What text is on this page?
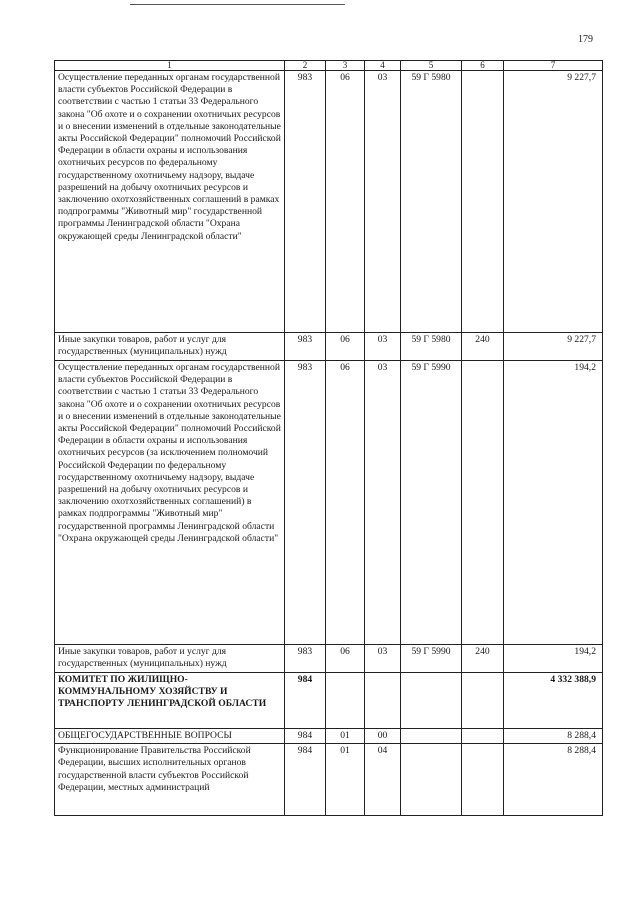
179
1	2	3	4	5	6	7
Осуществление переданных органам государственной власти субъектов Российской Федерации в соответствии с частью 1 статьи 33 Федерального закона "Об охоте и о сохранении охотничьих ресурсов и о внесении изменений в отдельные законодательные акты Российской Федерации" полномочий Российской Федерации в области охраны и использования охотничьих ресурсов по федеральному государственному охотничьему надзору, выдаче разрешений на добычу охотничьих ресурсов и заключению охотхозяйственных соглашений в рамках подпрограммы "Животный мир" государственной программы Ленинградской области "Охрана окружающей среды Ленинградской области"	983	06	03	59 Г 5980		9 227,7
Иные закупки товаров, работ и услуг для государственных (муниципальных) нужд	983	06	03	59 Г 5980	240	9 227,7
Осуществление переданных органам государственной власти субъектов Российской Федерации в соответствии с частью 1 статьи 33 Федерального закона "Об охоте и о сохранении охотничьих ресурсов и о внесении изменений в отдельные законодательные акты Российской Федерации" полномочий Российской Федерации в области охраны и использования охотничьих ресурсов (за исключением полномочий Российской Федерации по федеральному государственному охотничьему надзору, выдаче разрешений на добычу охотничьих ресурсов и заключению охотхозяйственных соглашений) в рамках подпрограммы "Животный мир" государственной программы Ленинградской области "Охрана окружающей среды Ленинградской области"	983	06	03	59 Г 5990		194,2
Иные закупки товаров, работ и услуг для государственных (муниципальных) нужд	983	06	03	59 Г 5990	240	194,2
КОМИТЕТ ПО ЖИЛИЩНО-КОММУНАЛЬНОМУ ХОЗЯЙСТВУ И ТРАНСПОРТУ ЛЕНИНГРАДСКОЙ ОБЛАСТИ	984					4 332 388,9
ОБЩЕГОСУДАРСТВЕННЫЕ ВОПРОСЫ	984	01	00			8 288,4
Функционирование Правительства Российской Федерации, высших исполнительных органов государственной власти субъектов Российской Федерации, местных администраций	984	01	04			8 288,4
